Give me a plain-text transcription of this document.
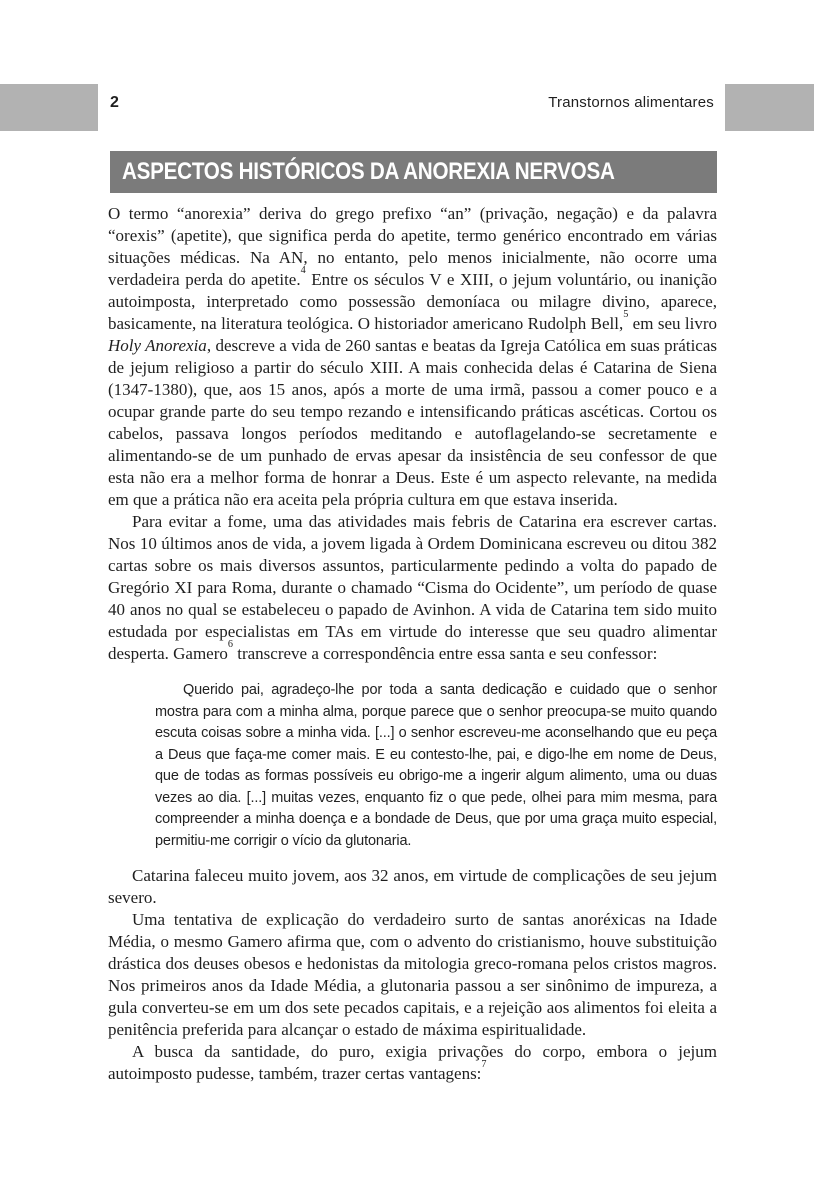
2	Transtornos alimentares
ASPECTOS HISTÓRICOS DA ANOREXIA NERVOSA

O termo “anorexia” deriva do grego prefixo “an” (privação, negação) e da palavra “orexis” (apetite), que significa perda do apetite, termo genérico encontrado em várias situações médicas. Na AN, no entanto, pelo menos inicialmente, não ocorre uma verdadeira perda do apetite.$^4$ Entre os séculos V e XIII, o jejum voluntário, ou inanição autoimposta, interpretado como possessão demoníaca ou milagre divino, aparece, basicamente, na literatura teológica. O historiador americano Rudolph Bell,$^5$ em seu livro Holy Anorexia, descreve a vida de 260 santas e beatas da Igreja Católica em suas práticas de jejum religioso a partir do século XIII. A mais conhecida delas é Catarina de Siena (1347-1380), que, aos 15 anos, após a morte de uma irmã, passou a comer pouco e a ocupar grande parte do seu tempo rezando e intensificando práticas ascéticas. Cortou os cabelos, passava longos períodos meditando e autoflagelando-se secretamente e alimentando-se de um punhado de ervas apesar da insistência de seu confessor de que esta não era a melhor forma de honrar a Deus. Este é um aspecto relevante, na medida em que a prática não era aceita pela própria cultura em que estava inserida.

Para evitar a fome, uma das atividades mais febris de Catarina era escrever cartas. Nos 10 últimos anos de vida, a jovem ligada à Ordem Dominicana escreveu ou ditou 382 cartas sobre os mais diversos assuntos, particularmente pedindo a volta do papado de Gregório XI para Roma, durante o chamado “Cisma do Ocidente”, um período de quase 40 anos no qual se estabeleceu o papado de Avinhon. A vida de Catarina tem sido muito estudada por especialistas em TAs em virtude do interesse que seu quadro alimentar desperta. Gamero$^6$ transcreve a correspondência entre essa santa e seu confessor:

Querido pai, agradeço-lhe por toda a santa dedicação e cuidado que o senhor mostra para com a minha alma, porque parece que o senhor preocupa-se muito quando escuta coisas sobre a minha vida. [...] o senhor escreveu-me aconselhando que eu peça a Deus que faça-me comer mais. E eu contesto-lhe, pai, e digo-lhe em nome de Deus, que de todas as formas possíveis eu obrigo-me a ingerir algum alimento, uma ou duas vezes ao dia. [...] muitas vezes, enquanto fiz o que pede, olhei para mim mesma, para compreender a minha doença e a bondade de Deus, que por uma graça muito especial, permitiu-me corrigir o vício da glutonaria.

Catarina faleceu muito jovem, aos 32 anos, em virtude de complicações de seu jejum severo.

Uma tentativa de explicação do verdadeiro surto de santas anoréxicas na Idade Média, o mesmo Gamero afirma que, com o advento do cristianismo, houve substituição drástica dos deuses obesos e hedonistas da mitologia greco-romana pelos cristos magros. Nos primeiros anos da Idade Média, a glutonaria passou a ser sinônimo de impureza, a gula converteu-se em um dos sete pecados capitais, e a rejeição aos alimentos foi eleita a penitência preferida para alcançar o estado de máxima espiritualidade.

A busca da santidade, do puro, exigia privações do corpo, embora o jejum autoimposto pudesse, também, trazer certas vantagens:$^7$
